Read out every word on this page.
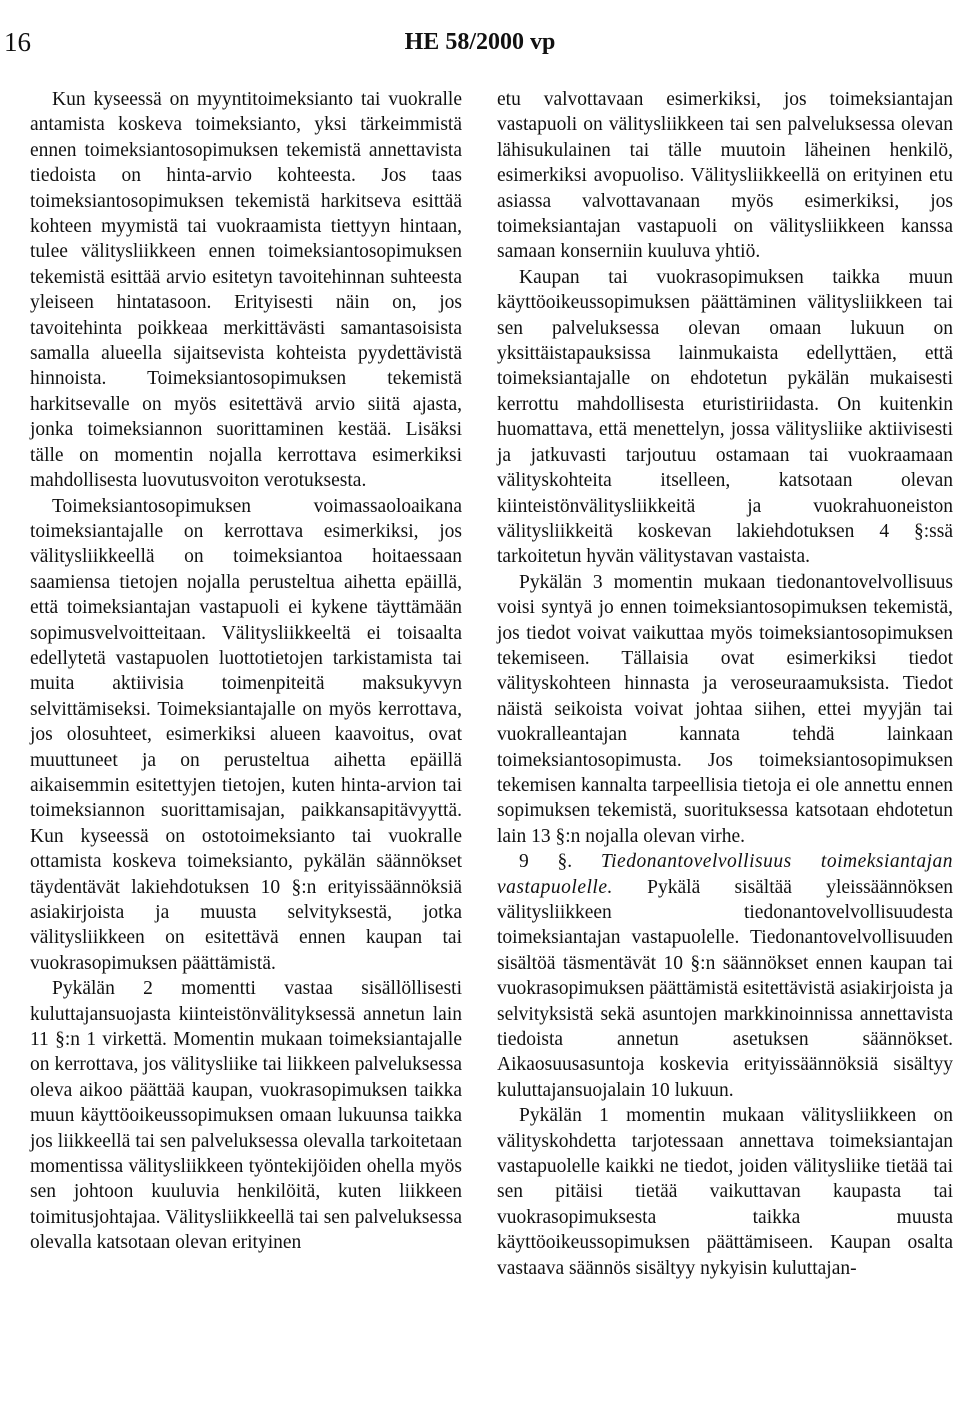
16	HE 58/2000 vp

Kun kyseessä on myyntitoimeksianto tai vuokralle antamista koskeva toimeksianto, yksi tärkeimmistä ennen toimeksiantosopimuksen tekemistä annettavista tiedoista on hinta-arvio kohteesta. Jos taas toimeksiantosopimuksen tekemistä harkitseva esittää kohteen myymistä tai vuokraamista tiettyyn hintaan, tulee välitysliikkeen ennen toimeksiantosopimuksen tekemistä esittää arvio esitetyn tavoitehinnan suhteesta yleiseen hintatasoon. Erityisesti näin on, jos tavoitehinta poikkeaa merkittävästi samantasoisista samalla alueella sijaitsevista kohteista pyydettävistä hinnoista. Toimeksiantosopimuksen tekemistä harkitsevalle on myös esitettävä arvio siitä ajasta, jonka toimeksiannon suorittaminen kestää. Lisäksi tälle on momentin nojalla kerrottava esimerkiksi mahdollisesta luovutusvoiton verotuksesta.

Toimeksiantosopimuksen voimassaoloaikana toimeksiantajalle on kerrottava esimerkiksi, jos välitysliikkeellä on toimeksiantoa hoitaessaan saamiensa tietojen nojalla perusteltua aihetta epäillä, että toimeksiantajan vastapuoli ei kykene täyttämään sopimusvelvoitteitaan. Välitysliikkeeltä ei toisaalta edellytetä vastapuolen luottotietojen tarkistamista tai muita aktiivisia toimenpiteitä maksukyvyn selvittämiseksi. Toimeksiantajalle on myös kerrottava, jos olosuhteet, esimerkiksi alueen kaavoitus, ovat muuttuneet ja on perusteltua aihetta epäillä aikaisemmin esitettyjen tietojen, kuten hinta-arvion tai toimeksiannon suorittamisajan, paikkansapitävyyttä. Kun kyseessä on ostotoimeksianto tai vuokralle ottamista koskeva toimeksianto, pykälän säännökset täydentävät lakiehdotuksen 10 §:n erityissäännöksiä asiakirjoista ja muusta selvityksestä, jotka välitysliikkeen on esitettävä ennen kaupan tai vuokrasopimuksen päättämistä.

Pykälän 2 momentti vastaa sisällöllisesti kuluttajansuojasta kiinteistönvälityksessä annetun lain 11 §:n 1 virkettä. Momentin mukaan toimeksiantajalle on kerrottava, jos välitysliike tai liikkeen palveluksessa oleva aikoo päättää kaupan, vuokrasopimuksen taikka muun käyttöoikeussopimuksen omaan lukuunsa taikka jos liikkeellä tai sen palveluksessa olevalla tarkoitetaan momentissa välitysliikkeen työntekijöiden ohella myös sen johtoon kuuluvia henkilöitä, kuten liikkeen toimitusjohtajaa. Välitysliikkeellä tai sen palveluksessa olevalla katsotaan olevan erityinen

etu valvottavaan esimerkiksi, jos toimeksiantajan vastapuoli on välitysliikkeen tai sen palveluksessa olevan lähisukulainen tai tälle muutoin läheinen henkilö, esimerkiksi avopuoliso. Välitysliikkeellä on erityinen etu asiassa valvottavanaan myös esimerkiksi, jos toimeksiantajan vastapuoli on välitysliikkeen kanssa samaan konserniin kuuluva yhtiö.

Kaupan tai vuokrasopimuksen taikka muun käyttöoikeussopimuksen päättäminen välitysliikkeen tai sen palveluksessa olevan omaan lukuun on yksittäistapauksissa lainmukaista edellyttäen, että toimeksiantajalle on ehdotetun pykälän mukaisesti kerrottu mahdollisesta eturistiriidasta. On kuitenkin huomattava, että menettelyn, jossa välitysliike aktiivisesti ja jatkuvasti tarjoutuu ostamaan tai vuokraamaan välityskohteita itselleen, katsotaan olevan kiinteistönvälitysliikkeitä ja vuokrahuoneiston välitysliikkeitä koskevan lakiehdotuksen 4 §:ssä tarkoitetun hyvän välitystavan vastaista.

Pykälän 3 momentin mukaan tiedonantovelvollisuus voisi syntyä jo ennen toimeksiantosopimuksen tekemistä, jos tiedot voivat vaikuttaa myös toimeksiantosopimuksen tekemiseen. Tällaisia ovat esimerkiksi tiedot välityskohteen hinnasta ja veroseuraamuksista. Tiedot näistä seikoista voivat johtaa siihen, ettei myyjän tai vuokralleantajan kannata tehdä lainkaan toimeksiantosopimusta. Jos toimeksiantosopimuksen tekemisen kannalta tarpeellisia tietoja ei ole annettu ennen sopimuksen tekemistä, suorituksessa katsotaan ehdotetun lain 13 §:n nojalla olevan virhe.

9 §. Tiedonantovelvollisuus toimeksiantajan vastapuolelle. Pykälä sisältää yleissäännöksen välitysliikkeen tiedonantovelvollisuudesta toimeksiantajan vastapuolelle. Tiedonantovelvollisuuden sisältöä täsmentävät 10 §:n säännökset ennen kaupan tai vuokrasopimuksen päättämistä esitettävistä asiakirjoista ja selvityksistä sekä asuntojen markkinoinnissa annettavista tiedoista annetun asetuksen säännökset. Aikaosuusasuntoja koskevia erityissäännöksiä sisältyy kuluttajansuojalain 10 lukuun.

Pykälän 1 momentin mukaan välitysliikkeen on välityskohdetta tarjotessaan annettava toimeksiantajan vastapuolelle kaikki ne tiedot, joiden välitysliike tietää tai sen pitäisi tietää vaikuttavan kaupasta tai vuokrasopimuksesta taikka muusta käyttöoikeussopimuksen päättämiseen. Kaupan osalta vastaava säännös sisältyy nykyisin kuluttajan-
